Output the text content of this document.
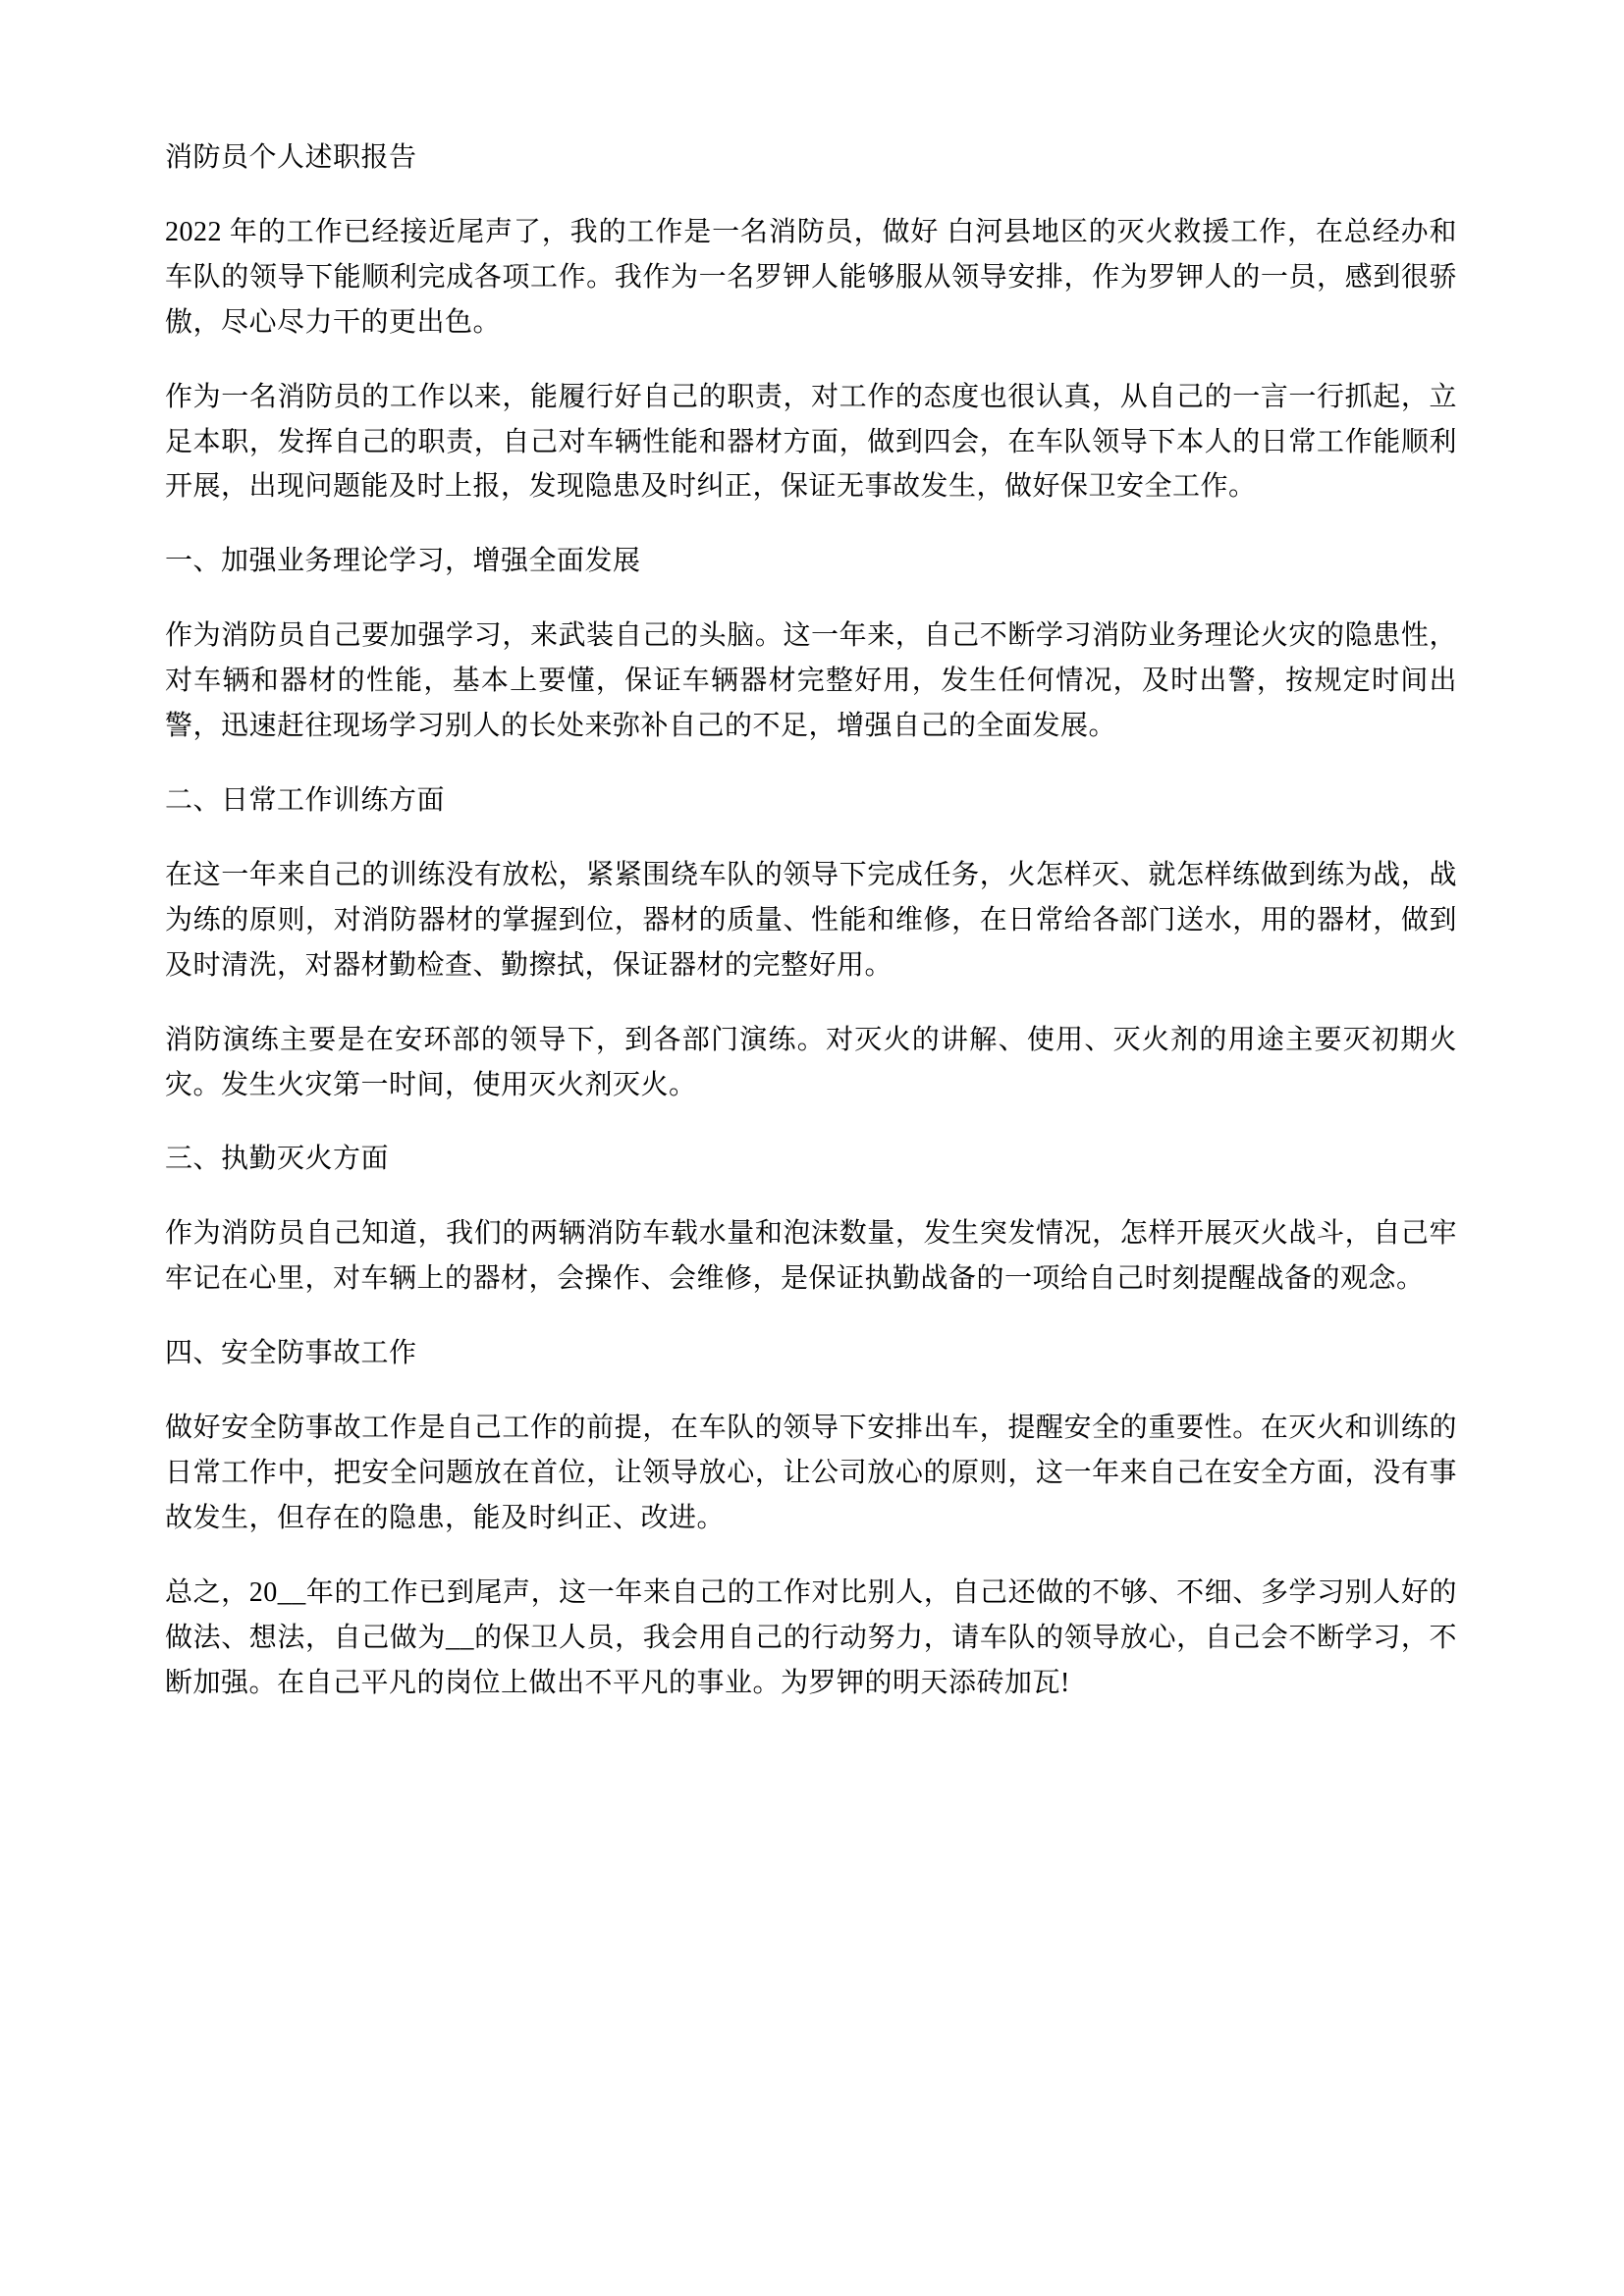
消防员个人述职报告

2022 年的工作已经接近尾声了，我的工作是一名消防员，做好 白河县地区的灭火救援工作，在总经办和车队的领导下能顺利完成各项工作。我作为一名罗钾人能够服从领导安排，作为罗钾人的一员，感到很骄傲，尽心尽力干的更出色。

作为一名消防员的工作以来，能履行好自己的职责，对工作的态度也很认真，从自己的一言一行抓起，立足本职，发挥自己的职责，自己对车辆性能和器材方面，做到四会，在车队领导下本人的日常工作能顺利开展，出现问题能及时上报，发现隐患及时纠正，保证无事故发生，做好保卫安全工作。

一、加强业务理论学习，增强全面发展

作为消防员自己要加强学习，来武装自己的头脑。这一年来，自己不断学习消防业务理论火灾的隐患性，对车辆和器材的性能，基本上要懂，保证车辆器材完整好用，发生任何情况，及时出警，按规定时间出警，迅速赶往现场学习别人的长处来弥补自己的不足，增强自己的全面发展。

二、日常工作训练方面

在这一年来自己的训练没有放松，紧紧围绕车队的领导下完成任务，火怎样灭、就怎样练做到练为战，战为练的原则，对消防器材的掌握到位，器材的质量、性能和维修，在日常给各部门送水，用的器材，做到及时清洗，对器材勤检查、勤擦拭，保证器材的完整好用。

消防演练主要是在安环部的领导下，到各部门演练。对灭火的讲解、使用、灭火剂的用途主要灭初期火灾。发生火灾第一时间，使用灭火剂灭火。

三、执勤灭火方面

作为消防员自己知道，我们的两辆消防车载水量和泡沫数量，发生突发情况，怎样开展灭火战斗，自己牢牢记在心里，对车辆上的器材，会操作、会维修，是保证执勤战备的一项给自己时刻提醒战备的观念。

四、安全防事故工作

做好安全防事故工作是自己工作的前提，在车队的领导下安排出车，提醒安全的重要性。在灭火和训练的日常工作中，把安全问题放在首位，让领导放心，让公司放心的原则，这一年来自己在安全方面，没有事故发生，但存在的隐患，能及时纠正、改进。

总之，20__年的工作已到尾声，这一年来自己的工作对比别人，自己还做的不够、不细、多学习别人好的做法、想法，自己做为__的保卫人员，我会用自己的行动努力，请车队的领导放心，自己会不断学习，不断加强。在自己平凡的岗位上做出不平凡的事业。为罗钾的明天添砖加瓦!
